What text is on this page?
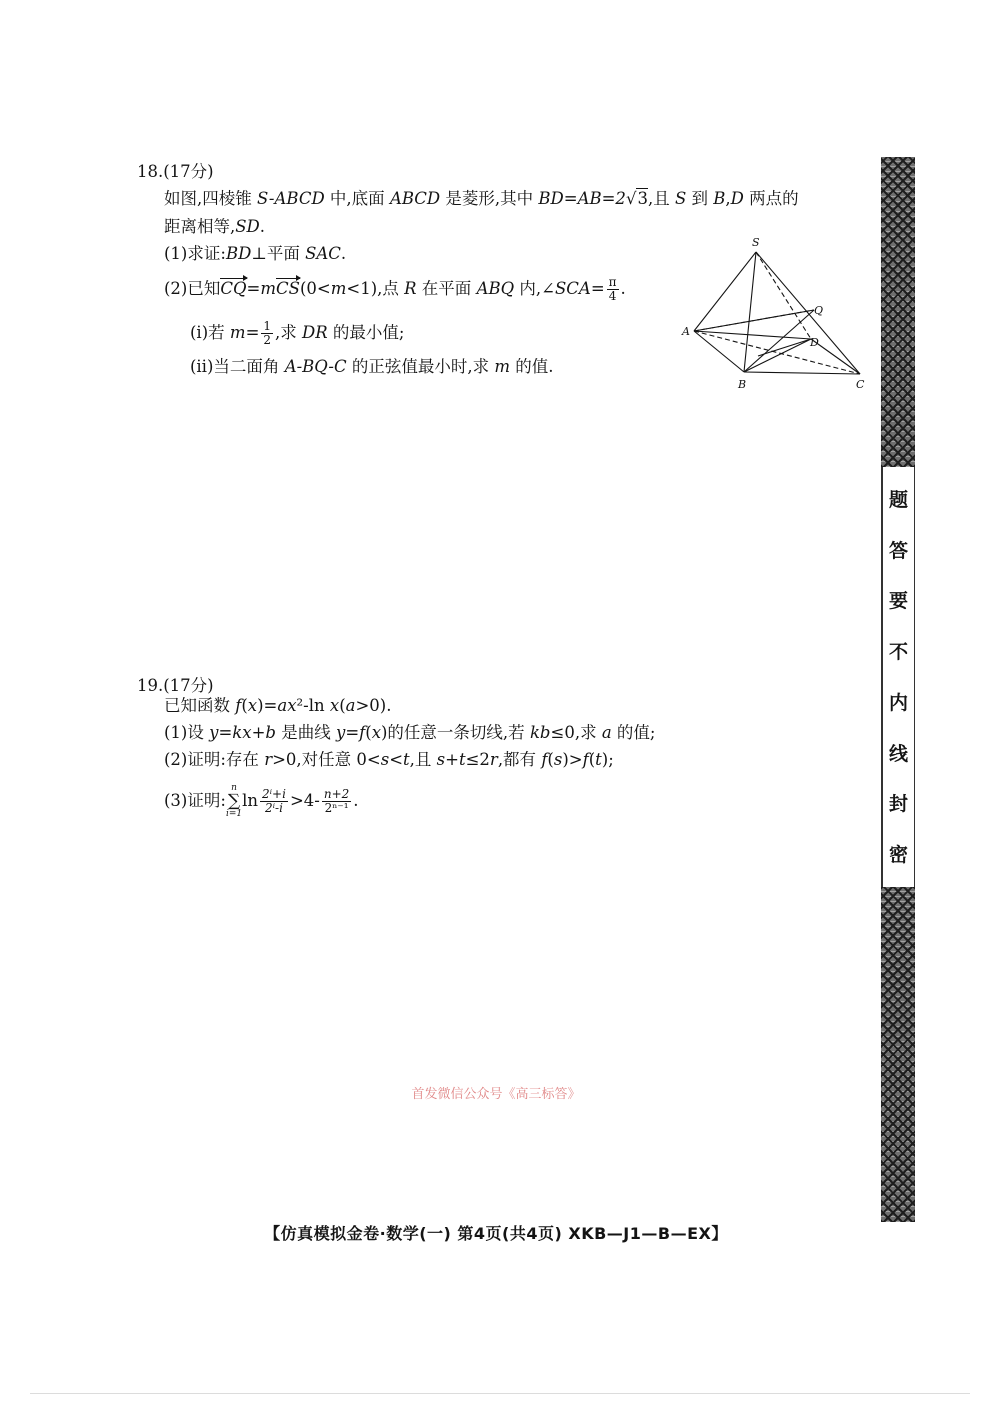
18.(17分)
如图,四棱锥 S-ABCD 中,底面 ABCD 是菱形,其中 BD=AB=2√3,且 S 到 B,D 两点的
距离相等,SD.
(1)求证:BD⊥平面 SAC.
(2)已知CQ=mCS(0<m<1),点 R 在平面 ABQ 内,∠SCA= $\frac{\pi}{4}$ .
(ⅰ)若 $m= \frac{1}{2}$ ,求 DR 的最小值;
(ⅱ)当二面角 A-BQ-C 的正弦值最小时,求 m 的值.
S
A
B	C
D
Q
19.(17分)
已知函数 f(x)=ax²-ln x(a>0).
(1)设 y=kx+b 是曲线 y=f(x)的任意一条切线,若 kb≤0,求 a 的值;
(2)证明:存在 r>0,对任意 0<s<t,且 s+t≤2r,都有 f(s)>f(t);
(3)证明:
n
∑
i=1
$\ln \frac{\text{2ⁱ+i}}{\text{2ⁱ-i}} >4- \frac{n+2}{\text{2ⁿ⁻¹}}$ .
首发微信公众号《高三标答》
【仿真模拟金卷·数学(一) 第4页(共4页) XKB—J1—B—EX】
题
答
要
不
内
线
封
密
